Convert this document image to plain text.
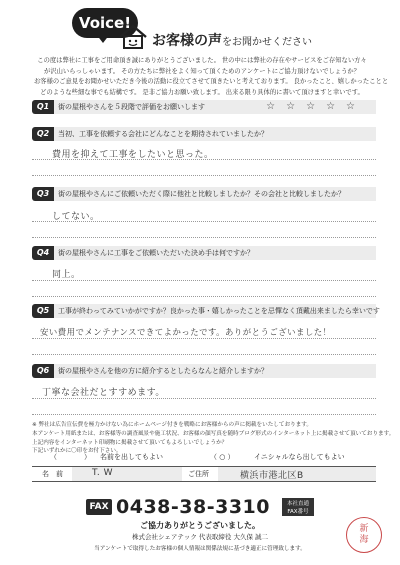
Voice!
お客様の声をお聞かせください

この度は弊社に工事をご用命頂き誠にありがとうございました。 世の中には弊社の存在やサービスをご存知ない方々

が沢山いらっしゃいます。 その方たちに弊社をよく知って頂くためのアンケートにご協力頂けないでしょうか？

お客様のご意見をお聞かせいただき今後の活動に役立てさせて頂きたいと考えております。 良かったこと、嬉しかったことと

どのような些細な事でも結構です。 是非ご協力お願い致します。 出来る限り具体的に書いて頂けますと幸いです。

Q1	街の屋根やさんを５段階で評価をお願いします	☆☆☆☆☆
Q2	当初、工事を依頼する会社にどんなことを期待されていましたか？
費用を抑えて工事をしたいと思った。
Q3	街の屋根やさんにご依頼いただく際に他社と比較しましたか？その会社と比較しましたか？
してない。
Q4	街の屋根やさんに工事をご依頼いただいた決め手は何ですか？
同上。
Q5	工事が終わってみていかがですか？良かった事・嬉しかったことを忌憚なく頂戴出来ましたら幸いです
安い費用でメンテナンスできてよかったです。ありがとうございました！
Q6	街の屋根やさんを他の方に紹介するとしたらなんと紹介しますか？
丁寧な会社だとすすめます。

※ 弊社は広告宣伝費を極力かけない為にホームページ付きを戦略にお客様からの声に掲載をいたしております。

本アンケート用紙または、お客様等の調査風景や施工状況、お客様の顔写真を随時ブログ形式のインターネット上に掲載させて頂いております。

上記内容をインターネット印刷物に掲載させて頂いてもよろしいでしょうか？

下記いずれかに〇印をお付下さい。

（	） 名前を出してもよい	（ ○ ）	イニシャルなら出してもよい
名　前	T. W	ご住所	横浜市港北区B
FAX 0438-38-3310	本社直通
FAX番号
ご協力ありがとうございました。
株式会社シェアテック 代表取締役 大久保 誠二
当アンケートで取得したお客様の個人情報は関係法規に基づき適正に管理致します。
新
海
